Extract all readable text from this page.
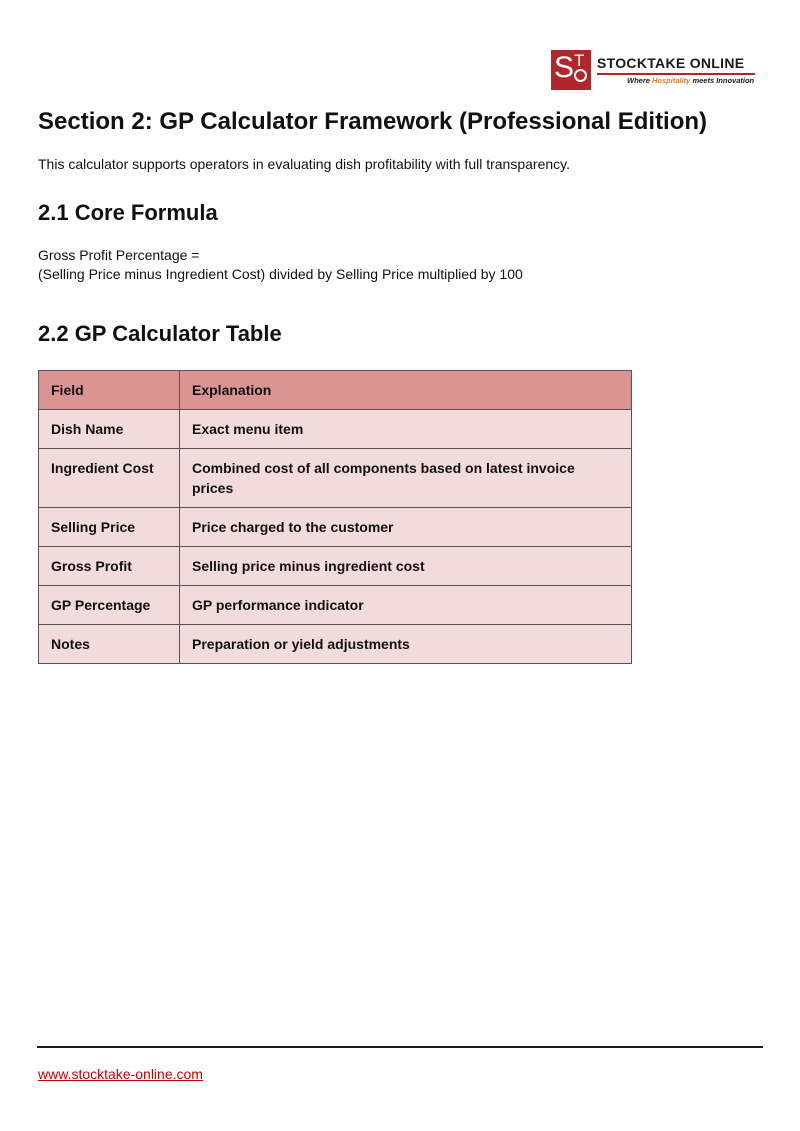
S T STOCKTAKE ONLINE
Where Hospitality meets Innovation
Section 2: GP Calculator Framework (Professional Edition)

This calculator supports operators in evaluating dish profitability with full transparency.

2.1 Core Formula

Gross Profit Percentage =

(Selling Price minus Ingredient Cost) divided by Selling Price multiplied by 100

2.2 GP Calculator Table
Field	Explanation
Dish Name	Exact menu item
Ingredient Cost	Combined cost of all components based on latest invoice prices
Selling Price	Price charged to the customer
Gross Profit	Selling price minus ingredient cost
GP Percentage	GP performance indicator
Notes	Preparation or yield adjustments
www.stocktake-online.com
